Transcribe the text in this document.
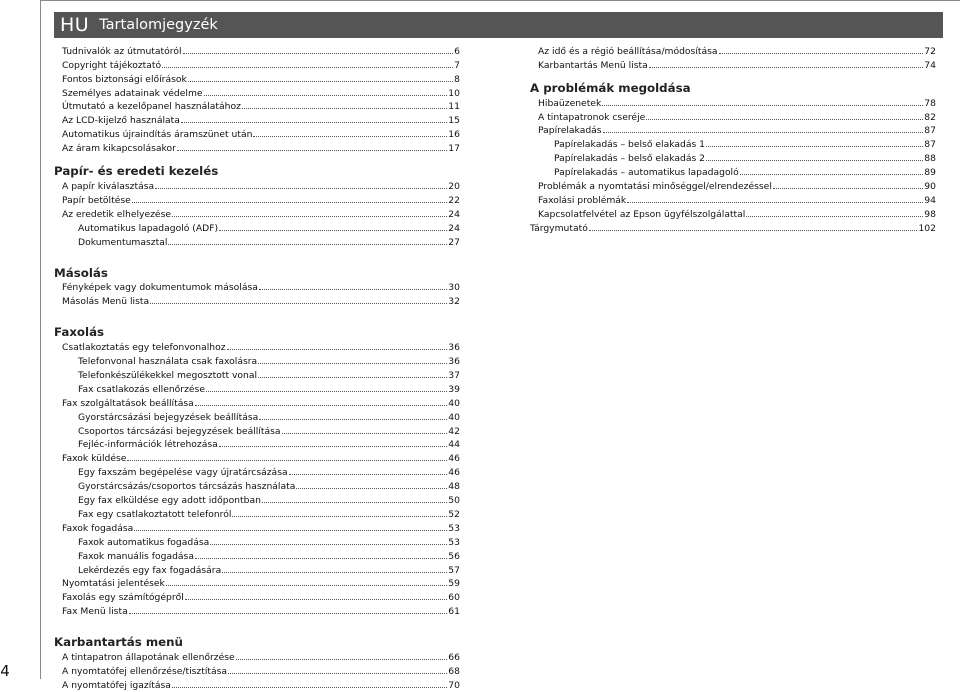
HU Tartalomjegyzék
Tudnivalók az útmutatóról	6
Copyright tájékoztató	7
Fontos biztonsági előírások	8
Személyes adatainak védelme	10
Útmutató a kezelőpanel használatához	11
Az LCD-kijelző használata	15
Automatikus újraindítás áramszünet után	16
Az áram kikapcsolásakor	17
Papír- és eredeti kezelés
A papír kiválasztása	20
Papír betöltése	22
Az eredetik elhelyezése	24
Automatikus lapadagoló (ADF)	24
Dokumentumasztal	27
Másolás
Fényképek vagy dokumentumok másolása	30
Másolás Menü lista	32
Faxolás
Csatlakoztatás egy telefonvonalhoz	36
Telefonvonal használata csak faxolásra	36
Telefonkészülékekkel megosztott vonal	37
Fax csatlakozás ellenőrzése	39
Fax szolgáltatások beállítása	40
Gyorstárcsázási bejegyzések beállítása	40
Csoportos tárcsázási bejegyzések beállítása	42
Fejléc-információk létrehozása	44
Faxok küldése	46
Egy faxszám begépelése vagy újratárcsázása	46
Gyorstárcsázás/csoportos tárcsázás használata	48
Egy fax elküldése egy adott időpontban	50
Fax egy csatlakoztatott telefonról	52
Faxok fogadása	53
Faxok automatikus fogadása	53
Faxok manuális fogadása	56
Lekérdezés egy fax fogadására	57
Nyomtatási jelentések	59
Faxolás egy számítógépről	60
Fax Menü lista	61
Karbantartás menü
A tintapatron állapotának ellenőrzése	66
A nyomtatófej ellenőrzése/tisztítása	68
A nyomtatófej igazítása	70
Az idő és a régió beállítása/módosítása	72
Karbantartás Menü lista	74
A problémák megoldása
Hibaüzenetek	78
A tintapatronok cseréje	82
Papírelakadás	87
Papírelakadás – belső elakadás 1	87
Papírelakadás – belső elakadás 2	88
Papírelakadás – automatikus lapadagoló	89
Problémák a nyomtatási minőséggel/elrendezéssel	90
Faxolási problémák	94
Kapcsolatfelvétel az Epson ügyfélszolgálattal	98
Tárgymutató	102
4
